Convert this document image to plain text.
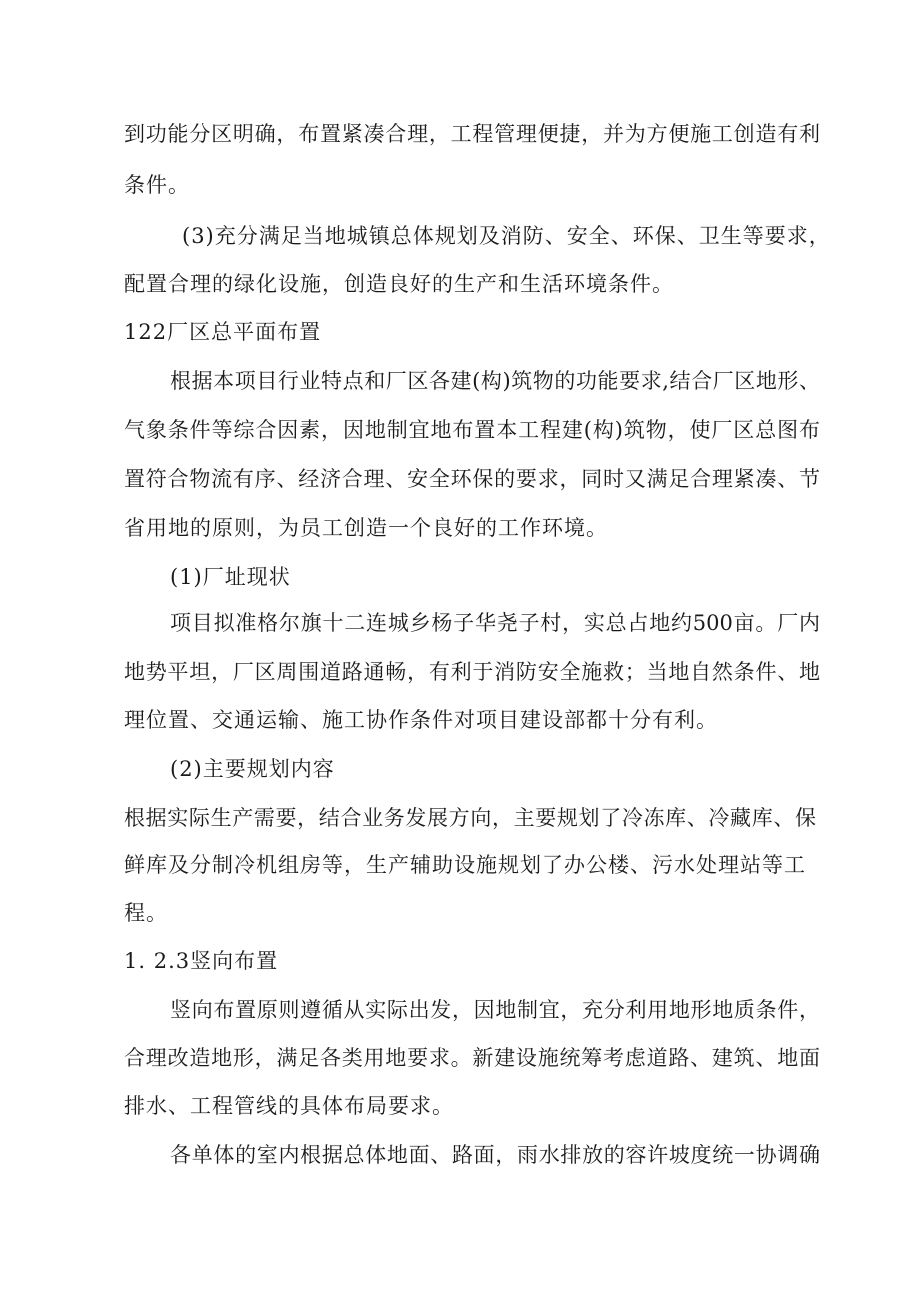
到功能分区明确，布置紧凑合理，工程管理便捷，并为方便施工创造有利
条件。
(3)充分满足当地城镇总体规划及消防、安全、环保、卫生等要求，
配置合理的绿化设施，创造良好的生产和生活环境条件。
122厂区总平面布置
根据本项目行业特点和厂区各建(构)筑物的功能要求,结合厂区地形、
气象条件等综合因素，因地制宜地布置本工程建(构)筑物，使厂区总图布
置符合物流有序、经济合理、安全环保的要求，同时又满足合理紧凑、节
省用地的原则，为员工创造一个良好的工作环境。
(1)厂址现状
项目拟准格尔旗十二连城乡杨子华尧子村，实总占地约500亩。厂内
地势平坦，厂区周围道路通畅，有利于消防安全施救；当地自然条件、地
理位置、交通运输、施工协作条件对项目建设部都十分有利。
(2)主要规划内容
根据实际生产需要，结合业务发展方向，主要规划了冷冻库、冷藏库、保
鲜库及分制冷机组房等，生产辅助设施规划了办公楼、污水处理站等工
程。
1. 2.3竖向布置
竖向布置原则遵循从实际出发，因地制宜，充分利用地形地质条件，
合理改造地形，满足各类用地要求。新建设施统筹考虑道路、建筑、地面
排水、工程管线的具体布局要求。
各单体的室内根据总体地面、路面，雨水排放的容许坡度统一协调确
